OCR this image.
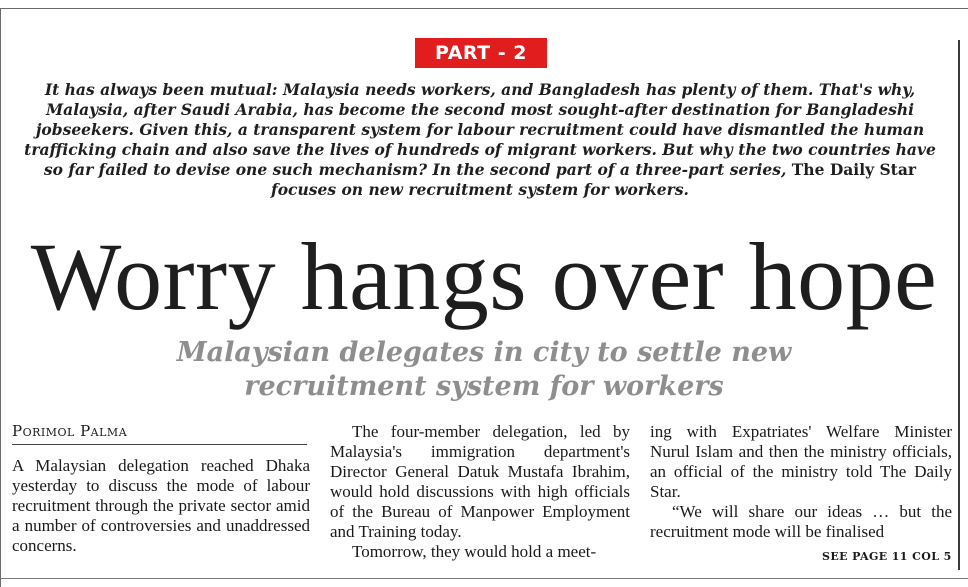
PART - 2

It has always been mutual: Malaysia needs workers, and Bangladesh has plenty of them. That's why, Malaysia, after Saudi Arabia, has become the second most sought-after destination for Bangladeshi jobseekers. Given this, a transparent system for labour recruitment could have dismantled the human trafficking chain and also save the lives of hundreds of migrant workers. But why the two countries have so far failed to devise one such mechanism? In the second part of a three-part series, The Daily Star focuses on new recruitment system for workers.

Worry hangs over hope
Malaysian delegates in city to settle new recruitment system for workers
Porimol Palma

A Malaysian delegation reached Dhaka yesterday to discuss the mode of labour recruitment through the private sector amid a number of controversies and unaddressed concerns.

The four-member delegation, led by Malaysia's immigration department's Director General Datuk Mustafa Ibrahim, would hold discussions with high officials of the Bureau of Manpower Employment and Training today.

Tomorrow, they would hold a meet-

ing with Expatriates' Welfare Minister Nurul Islam and then the ministry officials, an official of the ministry told The Daily Star.

“We will share our ideas … but the recruitment mode will be finalised

SEE PAGE 11 COL 5
